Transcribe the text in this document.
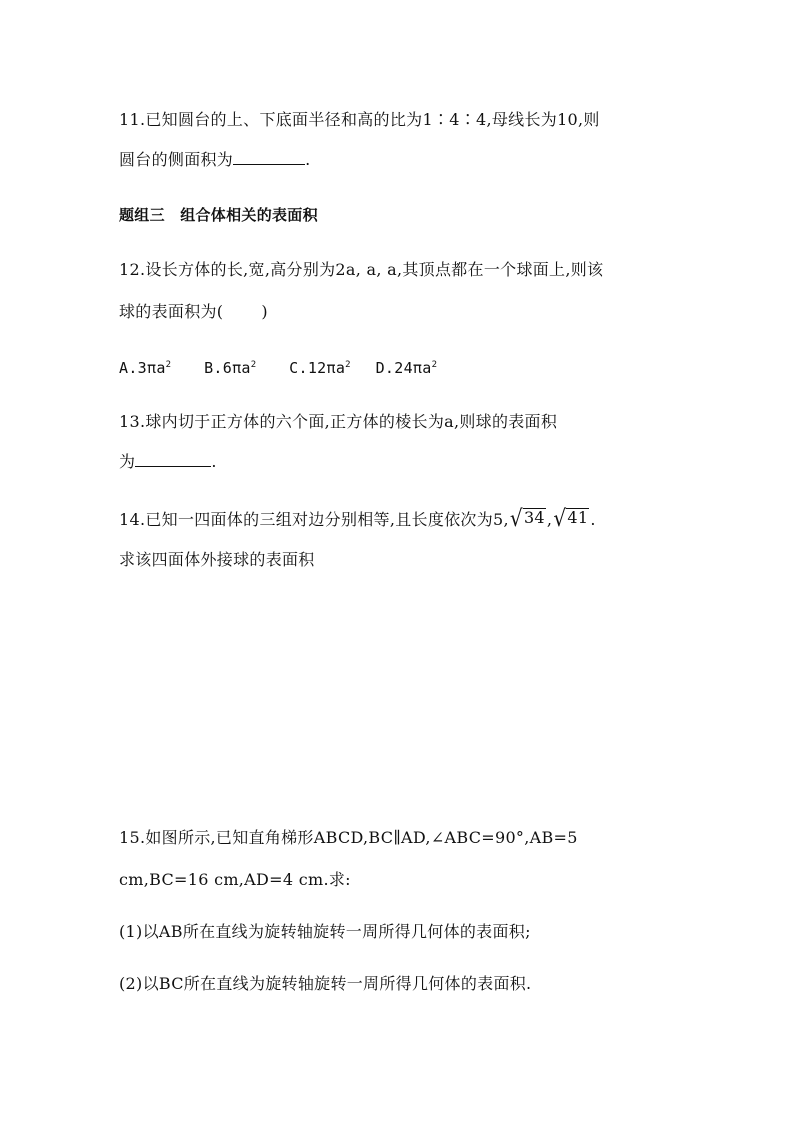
11.已知圆台的上、下底面半径和高的比为1∶4∶4,母线长为10,则
圆台的侧面积为	.
题组三　组合体相关的表面积
12.设长方体的长,宽,高分别为2a, a, a,其顶点都在一个球面上,则该
球的表面积为( )
$A.3\pi a^2$ $B.6\pi a^2$ $C.12\pi a^2$ $D.24\pi a^2$
13.球内切于正方体的六个面,正方体的棱长为a,则球的表面积
为	.
14.已知一四面体的三组对边分别相等,且长度依次为5, √ 34 , √ 41 .
求该四面体外接球的表面积
15.如图所示,已知直角梯形ABCD,BC∥AD,∠ABC=90°,AB=5
cm,BC=16 cm,AD=4 cm.求:
(1)以AB所在直线为旋转轴旋转一周所得几何体的表面积;
(2)以BC所在直线为旋转轴旋转一周所得几何体的表面积.
